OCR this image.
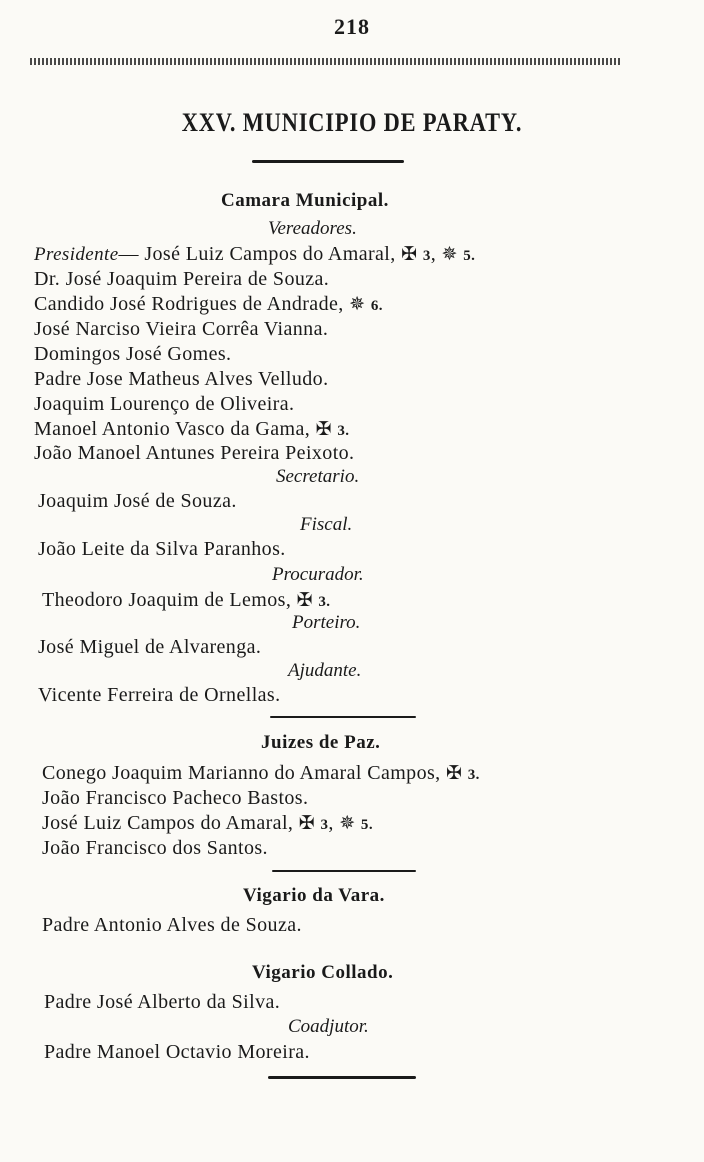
218
XXV. MUNICIPIO DE PARATY.
Camara Municipal.
Vereadores.
Presidente— José Luiz Campos do Amaral, ✠ 3, ✵ 5.
Dr. José Joaquim Pereira de Souza.
Candido José Rodrigues de Andrade, ✵ 6.
José Narciso Vieira Corrêa Vianna.
Domingos José Gomes.
Padre Jose Matheus Alves Velludo.
Joaquim Lourenço de Oliveira.
Manoel Antonio Vasco da Gama, ✠ 3.
João Manoel Antunes Pereira Peixoto.
Secretario.
Joaquim José de Souza.
Fiscal.
João Leite da Silva Paranhos.
Procurador.
Theodoro Joaquim de Lemos, ✠ 3.
Porteiro.
José Miguel de Alvarenga.
Ajudante.
Vicente Ferreira de Ornellas.
Juizes de Paz.
Conego Joaquim Marianno do Amaral Campos, ✠ 3.
João Francisco Pacheco Bastos.
José Luiz Campos do Amaral, ✠ 3, ✵ 5.
João Francisco dos Santos.
Vigario da Vara.
Padre Antonio Alves de Souza.
Vigario Collado.
Padre José Alberto da Silva.
Coadjutor.
Padre Manoel Octavio Moreira.
